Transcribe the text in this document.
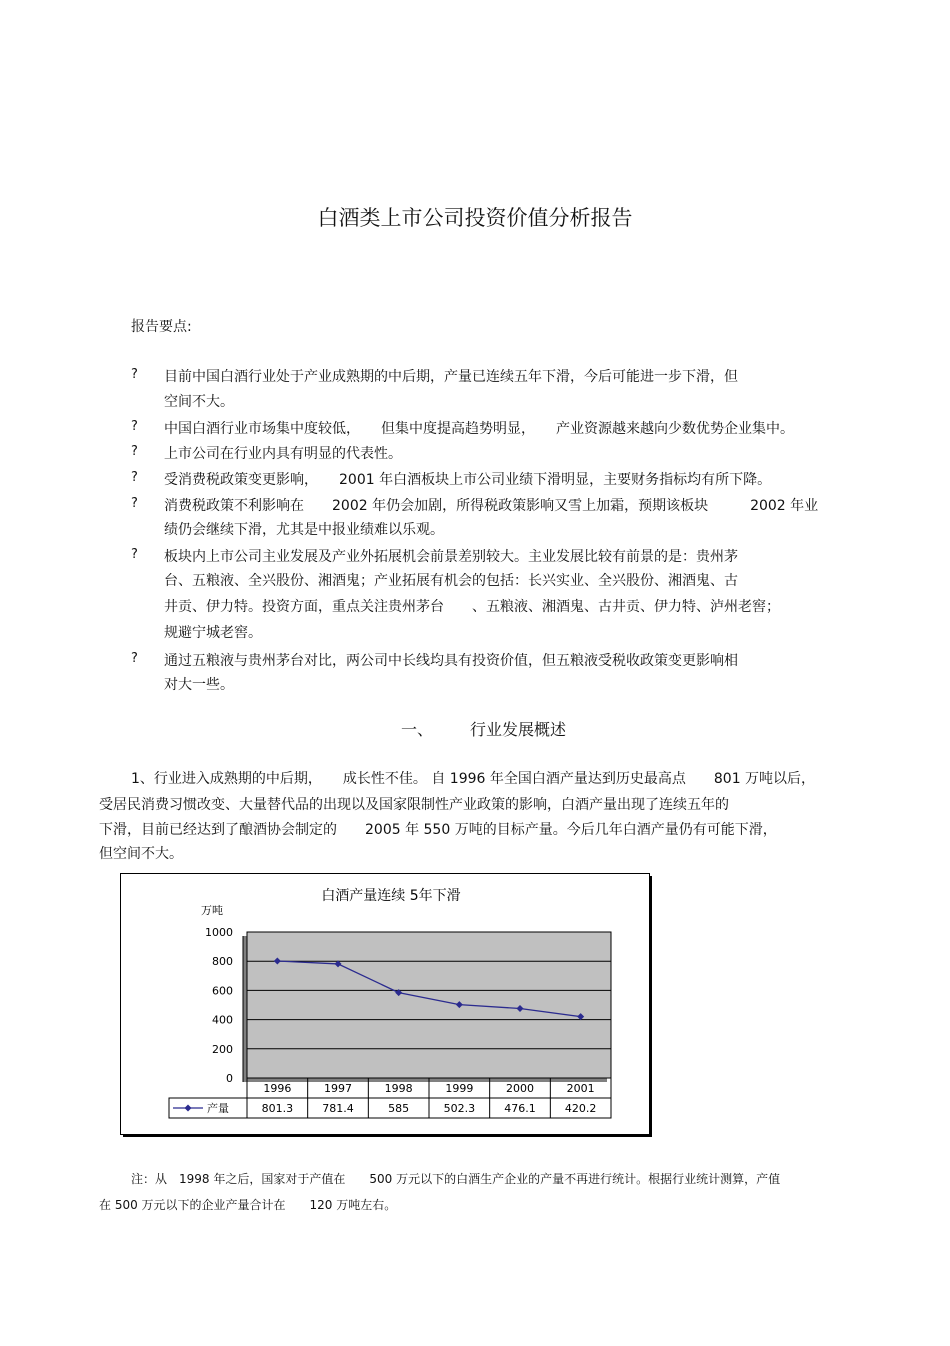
白酒类上市公司投资价值分析报告
报告要点:
? 目前中国白酒行业处于产业成熟期的中后期，产量已连续五年下滑，今后可能进一步下滑，但
空间不大。
? 中国白酒行业市场集中度较低，　　但集中度提高趋势明显，　　产业资源越来越向少数优势企业集中。
? 上市公司在行业内具有明显的代表性。
? 受消费税政策变更影响，　　2001 年白酒板块上市公司业绩下滑明显，主要财务指标均有所下降。
? 消费税政策不利影响在　　2002 年仍会加剧，所得税政策影响又雪上加霜，预期该板块　　　2002 年业
绩仍会继续下滑，尤其是中报业绩难以乐观。
? 板块内上市公司主业发展及产业外拓展机会前景差别较大。主业发展比较有前景的是：贵州茅
台、五粮液、全兴股份、湘酒鬼；产业拓展有机会的包括：长兴实业、全兴股份、湘酒鬼、古
井贡、伊力特。投资方面，重点关注贵州茅台　　、五粮液、湘酒鬼、古井贡、伊力特、泸州老窖；
规避宁城老窖。
? 通过五粮液与贵州茅台对比，两公司中长线均具有投资价值，但五粮液受税收政策变更影响相
对大一些。
一、 行业发展概述
1、行业进入成熟期的中后期，　　成长性不佳。 自 1996 年全国白酒产量达到历史最高点　　801 万吨以后，
受居民消费习惯改变、大量替代品的出现以及国家限制性产业政策的影响，白酒产量出现了连续五年的
下滑，目前已经达到了酿酒协会制定的　　2005 年 550 万吨的目标产量。今后几年白酒产量仍有可能下滑，
但空间不大。
白酒产量连续 5年下滑
万吨
0
200
400
600
800
1000
1996
801.3
1997
781.4
1998
585
1999
502.3
2000
476.1
2001
420.2
产量
注：从　1998 年之后，国家对于产值在　　500 万元以下的白酒生产企业的产量不再进行统计。根据行业统计测算，产值
在 500 万元以下的企业产量合计在　　120 万吨左右。
